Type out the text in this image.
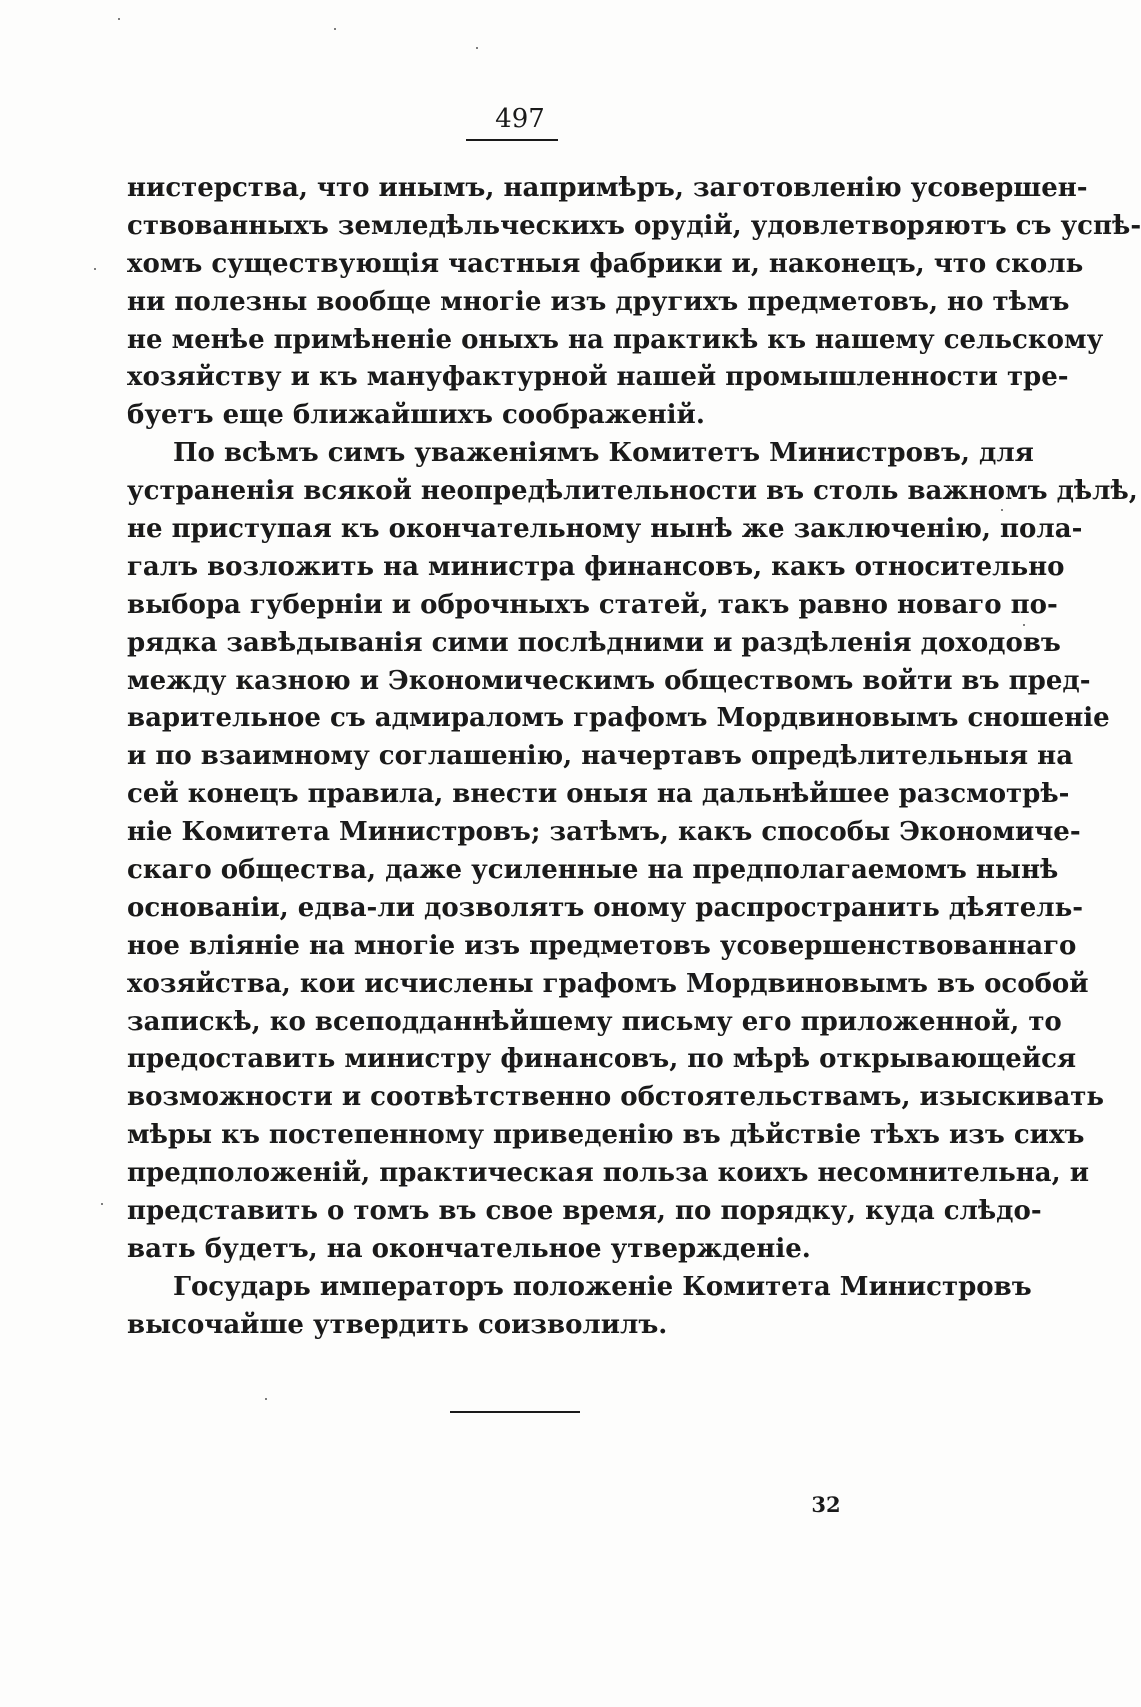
497
нистерства, что инымъ, напримѣръ, заготовленію усовершен-
ствованныхъ земледѣльческихъ орудій, удовлетворяютъ съ успѣ-
хомъ существующія частныя фабрики и, наконецъ, что сколь
ни полезны вообще многіе изъ другихъ предметовъ, но тѣмъ
не менѣе примѣненіе оныхъ на практикѣ къ нашему сельскому
хозяйству и къ мануфактурной нашей промышленности тре-
буетъ еще ближайшихъ соображеній.
По всѣмъ симъ уваженіямъ Комитетъ Министровъ, для
устраненія всякой неопредѣлительности въ столь важномъ дѣлѣ,
не приступая къ окончательному нынѣ же заключенію, пола-
галъ возложить на министра финансовъ, какъ относительно
выбора губерніи и оброчныхъ статей, такъ равно новаго по-
рядка завѣдыванія сими послѣдними и раздѣленія доходовъ
между казною и Экономическимъ обществомъ войти въ пред-
варительное съ адмираломъ графомъ Мордвиновымъ сношеніе
и по взаимному соглашенію, начертавъ опредѣлительныя на
сей конецъ правила, внести оныя на дальнѣйшее разсмотрѣ-
ніе Комитета Министровъ; затѣмъ, какъ способы Экономиче-
скаго общества, даже усиленные на предполагаемомъ нынѣ
основаніи, едва-ли дозволятъ оному распространить дѣятель-
ное вліяніе на многіе изъ предметовъ усовершенствованнаго
хозяйства, кои исчислены графомъ Мордвиновымъ въ особой
запискѣ, ко всеподданнѣйшему письму его приложенной, то
предоставить министру финансовъ, по мѣрѣ открывающейся
возможности и соотвѣтственно обстоятельствамъ, изыскивать
мѣры къ постепенному приведенію въ дѣйствіе тѣхъ изъ сихъ
предположеній, практическая польза коихъ несомнительна, и
представить о томъ въ свое время, по порядку, куда слѣдо-
вать будетъ, на окончательное утвержденіе.
Государь императоръ положеніе Комитета Министровъ
высочайше утвердить соизволилъ.
32
